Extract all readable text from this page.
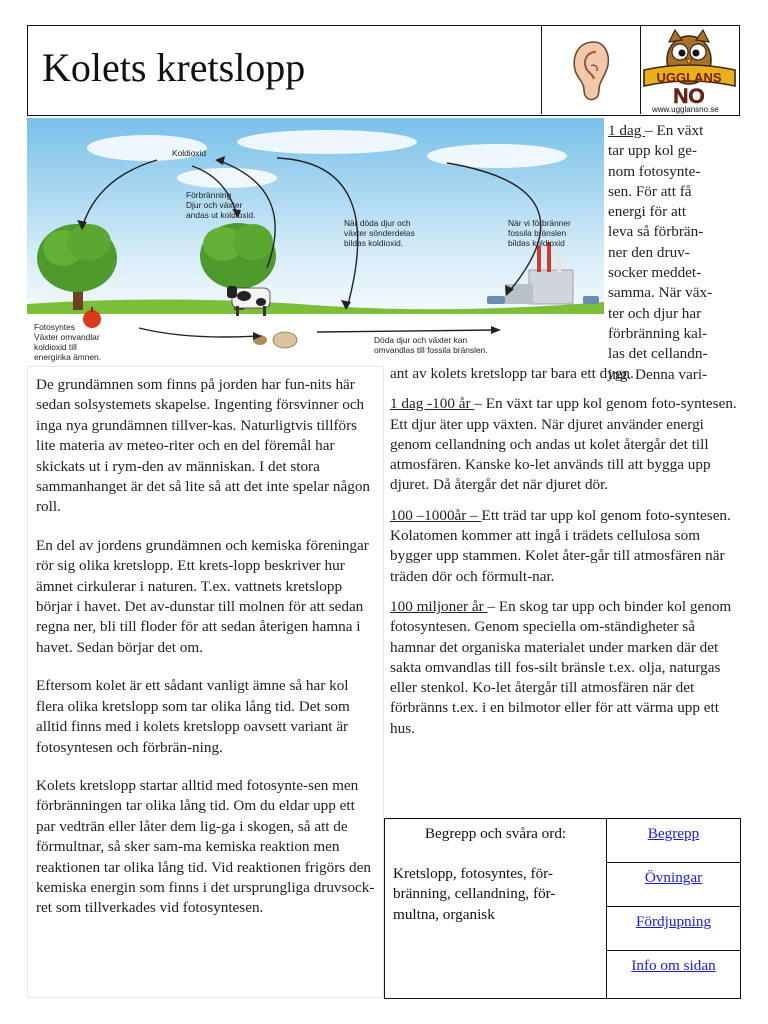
Kolets kretslopp	UGGLANS
NO
www.ugglansno.se
Koldioxid
Förbränning
Djur och växter
andas ut koldioxid.
Fotosyntes
Växter omvandlar
koldioxid till
energirika ämnen.
När döda djur och
växter sönderdelas
bildas koldioxid.
När vi förbränner
fossila bränslen
bildas koldioxid
Döda djur och växter kan
omvandlas till fossila bränslen.
1 dag – En växt
tar upp kol ge-
nom fotosynte-
sen. För att få
energi för att
leva så förbrän-
ner den druv-
socker meddet-
samma. När väx-
ter och djur har
förbränning kal-
las det cellandn-
ing. Denna vari-

ant av kolets kretslopp tar bara ett dygn.

1 dag -100 år – En växt tar upp kol genom foto-syntesen. Ett djur äter upp växten. När djuret använder energi genom cellandning och andas ut kolet återgår det till atmosfären. Kanske ko-let används till att bygga upp djuret. Då återgår det när djuret dör.

100 –1000år – Ett träd tar upp kol genom foto-syntesen. Kolatomen kommer att ingå i trädets cellulosa som bygger upp stammen. Kolet åter-går till atmosfären när träden dör och förmult-nar.

100 miljoner år – En skog tar upp och binder kol genom fotosyntesen. Genom speciella om-ständigheter så hamnar det organiska materialet under marken där det sakta omvandlas till fos-silt bränsle t.ex. olja, naturgas eller stenkol. Ko-let återgår till atmosfären när det förbränns t.ex. i en bilmotor eller för att värma upp ett hus.

De grundämnen som finns på jorden har fun-nits här sedan solsystemets skapelse. Ingenting försvinner och inga nya grundämnen tillver-kas. Naturligtvis tillförs lite materia av meteo-riter och en del föremål har skickats ut i rym-den av människan. I det stora sammanhanget är det så lite så att det inte spelar någon roll.

En del av jordens grundämnen och kemiska föreningar rör sig olika kretslopp. Ett krets-lopp beskriver hur ämnet cirkulerar i naturen. T.ex. vattnets kretslopp börjar i havet. Det av-dunstar till molnen för att sedan regna ner, bli till floder för att sedan återigen hamna i havet. Sedan börjar det om.

Eftersom kolet är ett sådant vanligt ämne så har kol flera olika kretslopp som tar olika lång tid. Det som alltid finns med i kolets kretslopp oavsett variant är fotosyntesen och förbrän-ning.

Kolets kretslopp startar alltid med fotosynte-sen men förbränningen tar olika lång tid. Om du eldar upp ett par vedträn eller låter dem lig-ga i skogen, så att de förmultnar, så sker sam-ma kemiska reaktion men reaktionen tar olika lång tid. Vid reaktionen frigörs den kemiska energin som finns i det ursprungliga druvsock-ret som tillverkades vid fotosyntesen.

Begrepp och svåra ord:
Kretslopp, fotosyntes, för-bränning, cellandning, för-multna, organisk
Begrepp
Övningar
Fördjupning
Info om sidan
